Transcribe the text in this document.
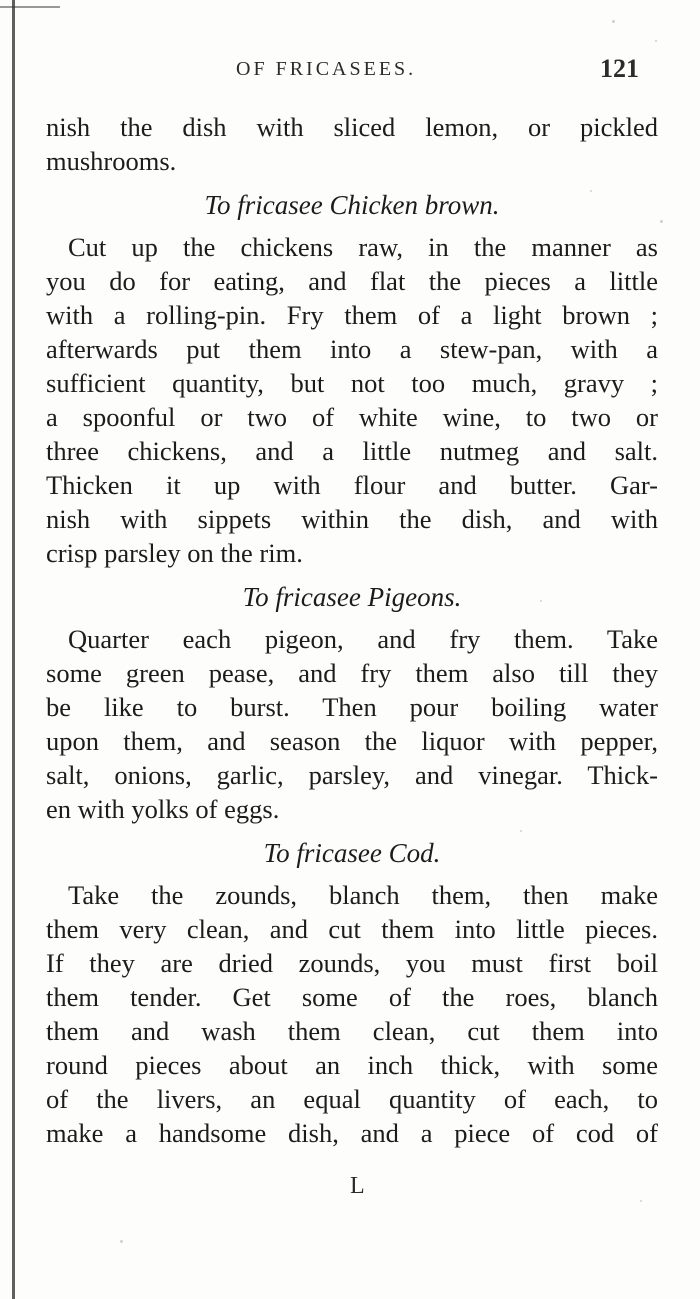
OF FRICASEES.	121
nish the dish with sliced lemon, or pickled
mushrooms.
To fricasee Chicken brown.
Cut up the chickens raw, in the manner as
you do for eating, and flat the pieces a little
with a rolling-pin. Fry them of a light brown ;
afterwards put them into a stew-pan, with a
sufficient quantity, but not too much, gravy ;
a spoonful or two of white wine, to two or
three chickens, and a little nutmeg and salt.
Thicken it up with flour and butter. Gar-
nish with sippets within the dish, and with
crisp parsley on the rim.
To fricasee Pigeons.
Quarter each pigeon, and fry them. Take
some green pease, and fry them also till they
be like to burst. Then pour boiling water
upon them, and season the liquor with pepper,
salt, onions, garlic, parsley, and vinegar. Thick-
en with yolks of eggs.
To fricasee Cod.
Take the zounds, blanch them, then make
them very clean, and cut them into little pieces.
If they are dried zounds, you must first boil
them tender. Get some of the roes, blanch
them and wash them clean, cut them into
round pieces about an inch thick, with some
of the livers, an equal quantity of each, to
make a handsome dish, and a piece of cod of
L
